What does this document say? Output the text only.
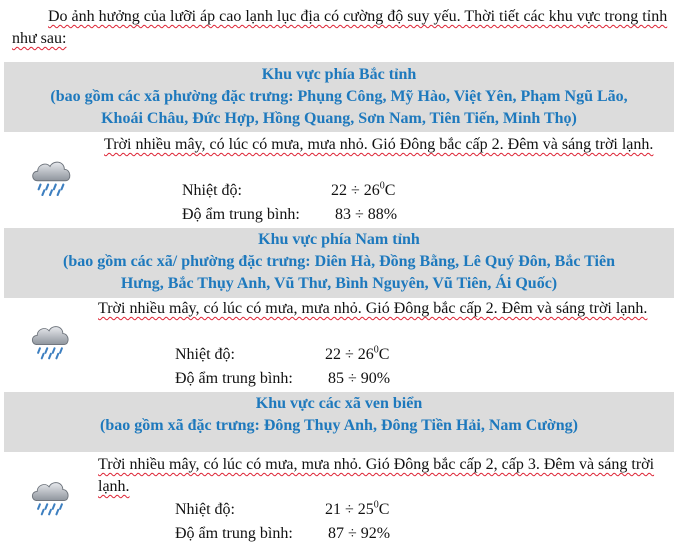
Do ảnh hưởng của lưỡi áp cao lạnh lục địa có cường độ suy yếu. Thời tiết các khu vực trong tỉnh như sau:

Khu vực phía Bắc tỉnh
(bao gồm các xã phường đặc trưng: Phụng Công, Mỹ Hào, Việt Yên, Phạm Ngũ Lão,
Khoái Châu, Đức Hợp, Hồng Quang, Sơn Nam, Tiên Tiến, Minh Thọ)
Trời nhiều mây, có lúc có mưa, mưa nhỏ. Gió Đông bắc cấp 2. Đêm và sáng trời lạnh.
Nhiệt độ:	$22 \div 26^0C$
Độ ẩm trung bình: 83 ÷ 88%
Khu vực phía Nam tỉnh
(bao gồm các xã/ phường đặc trưng: Diên Hà, Đồng Bằng, Lê Quý Đôn, Bắc Tiên
Hưng, Bắc Thụy Anh, Vũ Thư, Bình Nguyên, Vũ Tiên, Ái Quốc)
Trời nhiều mây, có lúc có mưa, mưa nhỏ. Gió Đông bắc cấp 2. Đêm và sáng trời lạnh.
Nhiệt độ:	$22 \div 26^0C$
Độ ẩm trung bình: 85 ÷ 90%
Khu vực các xã ven biển
(bao gồm xã đặc trưng: Đông Thụy Anh, Đông Tiền Hải, Nam Cường)
Trời nhiều mây, có lúc có mưa, mưa nhỏ. Gió Đông bắc cấp 2, cấp 3. Đêm và sáng trời lạnh.
Nhiệt độ:	$21 \div 25^0C$
Độ ẩm trung bình: 87 ÷ 92%
